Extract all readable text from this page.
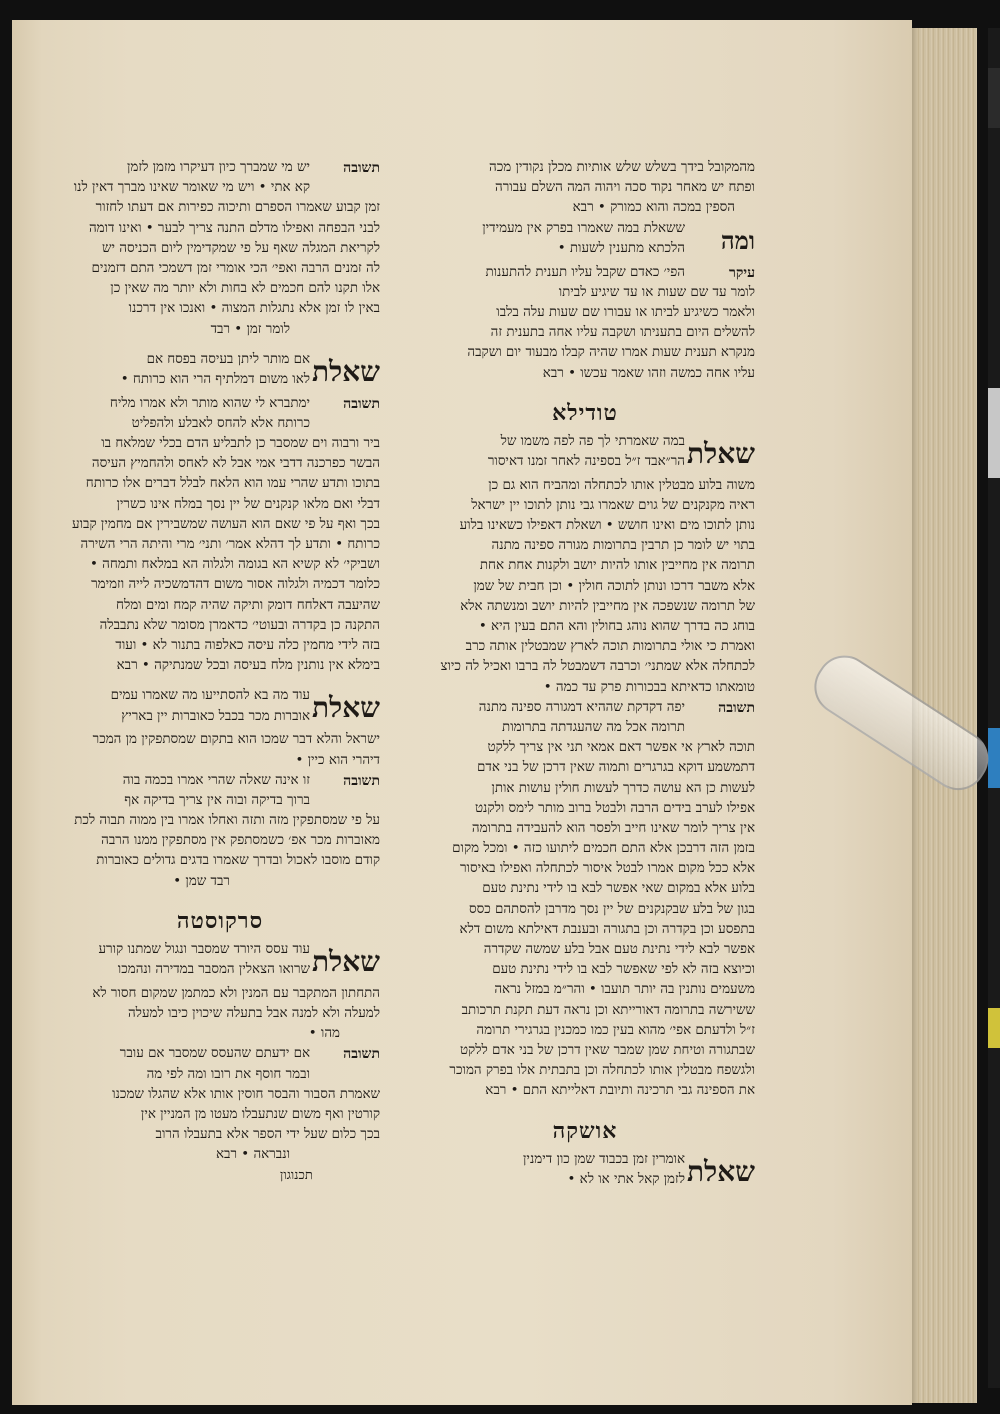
מהמקובל בידך בשלש שלש אותיות מכלן נקודין מכה
ופתח יש מאחר נקוד סכה ויהוה המה השלם עבורה
הספין במכה והוא כמורק • רבא
ומה
ששאלת במה שאמרו בפרק אין מעמידין
הלכתא מתענין לשעות •
עיקר
הפי׳ כאדם שקבל עליו תענית להתענות
לומר עד שם שעות או עד שיגיע לביתו
ולאמר כשיגיע לביתו או עבורו שם שעות עלה בלבו
להשלים היום בתעניתו ושקבה עליו אחה בתענית זה
מנקרא תענית שעות אמרו שהיה קבלו מבעוד יום ושקבה
עליו אחה כמשה וזהו שאמר עכשו • רבא
טודילא
שאלת
במה שאמרתי לך פה לפה משמו של
הר״אבד ז״ל בספינה לאחר זמנו דאיסור
משוה בלוע מבטלין אותו לכתחלה ומהביח הוא גם כן
ראיה מקנקנים של גוים שאמרו גבי נותן לתוכו יין ישראל
נותן לתוכו מים ואינו חושש • ושאלת דאפילו כשאינו בלוע
בתוי יש לומר כן תרבין בתרומות מגורה ספינה מתנה
תרומה אין מחייבין אותו להיות יושב ולקנות אחת אחת
אלא משבר דרכו ונותן לתוכה חולין • וכן חבית של שמן
של תרומה שנשפכה אין מחייבין להיות יושב ומנשתה אלא
בוחג כה בדרך שהוא נוהג בחולין והא התם בעין היא •
ואמרת כי אולי בתרומות תוכה לארץ שמבטלין אותה כרב
לכתחלה אלא שמתני׳ וכרבה דשמבטל לה ברבו ואכיל לה כיוצ
טומאתו כדאיתא בבכורות פרק עד כמה •
תשובה
יפה דקדקת שההיא דמגורה ספינה מתנה
תרומה אכל מה שהעגדתה בתרומות
תוכה לארץ אי אפשר דאם אמאי תני אין צריך ללקט
דתמשמע דוקא בגרגרים ותמוה שאין דרכן של בני אדם
לעשות כן הא עושה כדרך לעשות חולין עושות אותן
אפילו לערב בידים הרבה ולבטל ברוב מותר לימס ולקנט
אין צריך לומר שאינו חייב ולפסר הוא להעבידה בתרומה
בזמן הזה דרבכן אלא התם חכמים ליתועו כזה • ומכל מקום
אלא ככל מקום אמרו לבטל איסור לכתחלה ואפילו באיסור
בלוע אלא במקום שאי אפשר לבא בו לידי נתינת טעם
בגון של בלע שבקנקנים של יין נסך מדרבן להסתהם כסס
בתפסע וכן בקדרה וכן בתגורה ובענבת דאילתא משום דלא
אפשר לבא לידי נתינת טעם אבל בלע שמשה שקדרה
וכיוצא בזה לא לפי שאפשר לבא בו לידי נתינת טעם
משעמים נותנין בה יותר תועבו • והר״מ במזל נראה
ששירשה בתרומה דאורייתא וכן נראה דעת תקנת תרכותב
ז״ל ולדעתם אפי׳ מהוא בעין כמו כמכנין בגרגירי תרומה
שבתגורה וטיחת שמן שמבר שאין דרכן של בני אדם ללקט
ולגשפח מבטלין אותו לכתחלה וכן בתבתית אלו בפרק המוכר
את הספינה גבי תרכינה ותיובת דאלייתא התם • רבא
אושקה
שאלת
אומרין זמן בכבוד שמן כון דימנין
לזמן קאל אתי או לא •
תשובה
יש מי שמברך כיון דעיקרו מזמן לזמן
קא אתי • ויש מי שאומר שאינו מברך דאין לנו
זמן קבוע שאמרו הספרם ותיכוה כפירות אם דעתו לחזור
לבני הבפחה ואפילו מדלם התנה צריך לבער • ואינו דומה
לקריאת המגלה שאף על פי שמקדימין ליום הכניסה יש
לה זמנים הרבה ואפי׳ הכי אומרי זמן דשמכי התם דזמנים
אלו תקנו להם חכמים לא בחות ולא יותר מה שאין כן
באין לו זמן אלא נתגלות המצוה • ואנכו אין דרכנו
לומר זמן • רבד
שאלת
אם מותר ליתן בעיסה בפסח אם
לאו משום דמלתיף הרי הוא כרותח •
תשובה
ימתברא לי שהוא מותר ולא אמרו מליח
כרותח אלא להחס לאבלע ולהפליט
ביר ורבוה וים שמסבר כן לתבליע הדם בכלי שמלאח בו
הבשר כפרכנה דדבי אמי אבל לא לאחס ולהחמיץ העיסה
בתוכו ותדע שהרי עמו הוא הלאח לבלל דברים אלו כרותח
דבלי ואם מלאו קנקנים של יין נסך במלח אינו כשרין
בכך ואף על פי שאם הוא העושה שמשבירין אם מחמין קבוע
כרותח • ותדע לך דהלא אמר׳ ותני׳ מרי והיתה הרי השירה
ושביקי׳ לא קשיא הא בגומה ולגלוה הא במלאח ותמחה •
כלומר דכמיה ולגלוה אסור משום דהדמשכיה לייה וזמימר
שהיעבה דאלחח דומק ותיקה שהיה קמח ומים ומלח
התקנה כן בקדרה ובעוטי׳ כדאמרן מסומר שלא נתבבלה
בזה לידי מחמין כלה עיסה כאלפוה בתנור לא • ועוד
בימלא אין נותנין מלח בעיסה ובכל שמנתיקה • רבא
שאלת
עוד מה בא להסתייעו מה שאמרו עמים
אוברות מכר בכבל כאוברות יין באריץ
ישראל והלא דבר שמכו הוא בתקום שמסתפקין מן המכר
דיהרי הוא כיין •
תשובה
זו אינה שאלה שהרי אמרו בכמה בוה
ברוך בדיקה ובוה אין צריך בדיקה אף
על פי שמסתפקין מזה ותזה ואחלו אמרו בין ממוה תבוה לכת
מאוברות מכר אפ׳ כשמסתפק אין מסתפקין ממנו הרבה
קודם מוסבו לאכול ובדרך שאמרו בדגים גדולים כאוברות
רבד שמן •
סרקוסטה
שאלת
עוד עסס היורד שמסבר ונגול שמתנו קורע
שרואו הצאלין המסבר במדירה ונהמכו
התחתון המתקבר עם המנין ולא כמתמן שמקום חסור לא
למעלה ולא למנה אבל בתעלה שיכוין כיבו למעלה
מהו •
תשובה
אם ידעתם שהעסס שמסבר אם עובר
ובמר חוסף את רובו ומה לפי מה
שאמרת הסבור והבסר חוסין אותו אלא שהגלו שמכנו
קורטין ואף משום שנתעבלו מעטו מן המניין אין
בכך כלום שעל ידי הספר אלא בתעבלו הרוב
ונבראה • רבא
תכנוגון
